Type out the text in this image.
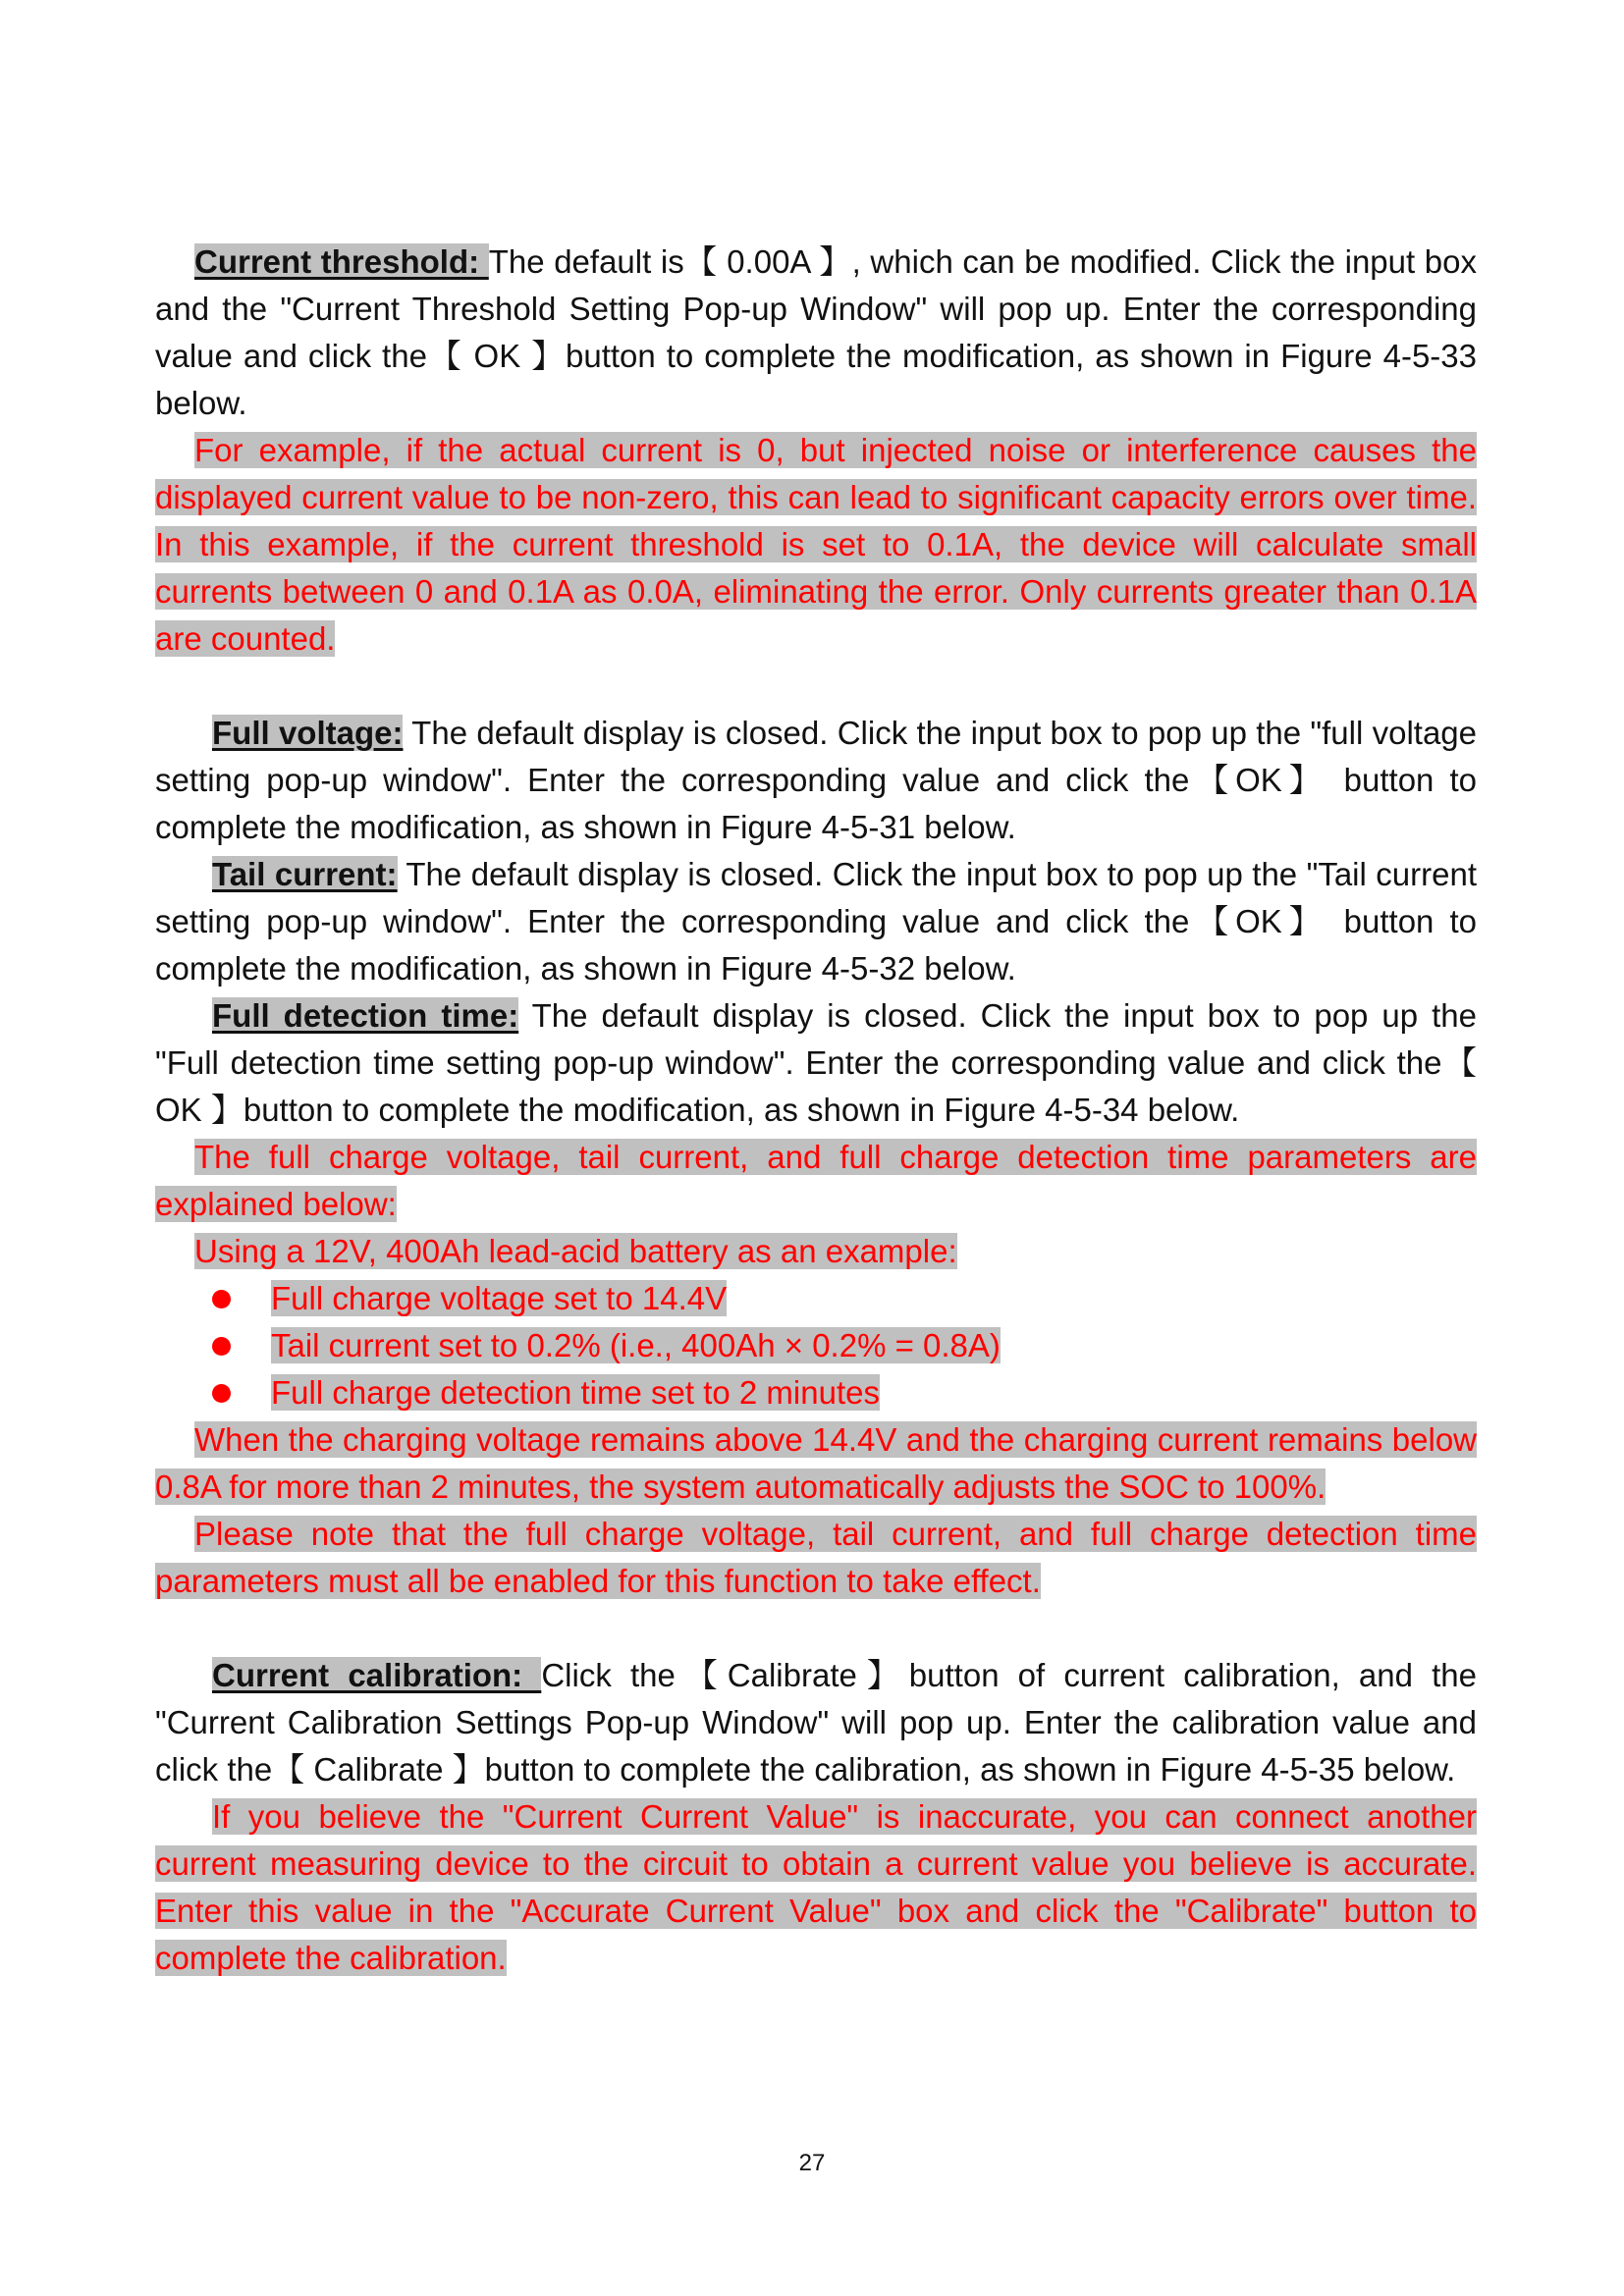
Current threshold: The default is【 0.00A 】, which can be modified. Click the input box and the "Current Threshold Setting Pop-up Window" will pop up. Enter the corresponding value and click the【 OK 】button to complete the modification, as shown in Figure 4-5-33 below.

For example, if the actual current is 0, but injected noise or interference causes the displayed current value to be non-zero, this can lead to significant capacity errors over time. In this example, if the current threshold is set to 0.1A, the device will calculate small currents between 0 and 0.1A as 0.0A, eliminating the error. Only currents greater than 0.1A are counted.

Full voltage: The default display is closed. Click the input box to pop up the "full voltage setting pop-up window". Enter the corresponding value and click the【OK】 button to complete the modification, as shown in Figure 4-5-31 below.

Tail current: The default display is closed. Click the input box to pop up the "Tail current setting pop-up window". Enter the corresponding value and click the【OK】 button to complete the modification, as shown in Figure 4-5-32 below.

Full detection time: The default display is closed. Click the input box to pop up the "Full detection time setting pop-up window". Enter the corresponding value and click the【 OK 】button to complete the modification, as shown in Figure 4-5-34 below.

The full charge voltage, tail current, and full charge detection time parameters are explained below:

Using a 12V, 400Ah lead-acid battery as an example:

Full charge voltage set to 14.4V
Tail current set to 0.2% (i.e., 400Ah × 0.2% = 0.8A)
Full charge detection time set to 2 minutes

When the charging voltage remains above 14.4V and the charging current remains below 0.8A for more than 2 minutes, the system automatically adjusts the SOC to 100%.

Please note that the full charge voltage, tail current, and full charge detection time parameters must all be enabled for this function to take effect.

Current calibration: Click the【Calibrate】button of current calibration, and the "Current Calibration Settings Pop-up Window" will pop up. Enter the calibration value and click the【 Calibrate 】button to complete the calibration, as shown in Figure 4-5-35 below.

If you believe the "Current Current Value" is inaccurate, you can connect another current measuring device to the circuit to obtain a current value you believe is accurate. Enter this value in the "Accurate Current Value" box and click the "Calibrate" button to complete the calibration.

27
